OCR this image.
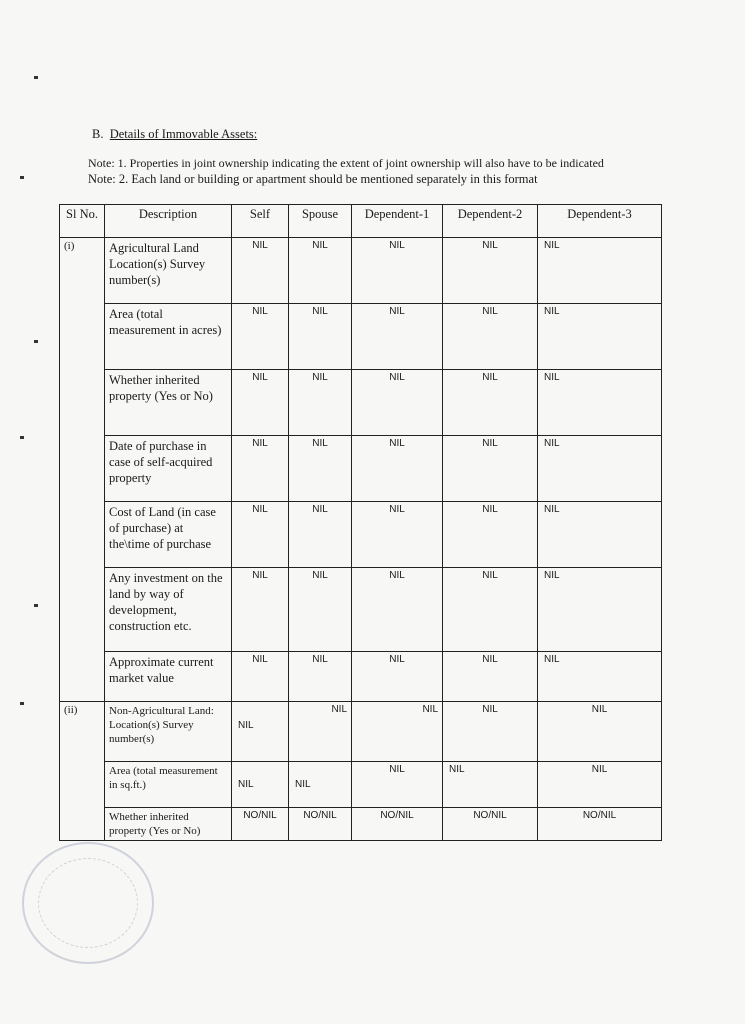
B. Details of Immovable Assets:
Note: 1. Properties in joint ownership indicating the extent of joint ownership will also have to be indicated
Note: 2. Each land or building or apartment should be mentioned separately in this format
Sl No.	Description	Self	Spouse	Dependent-1	Dependent-2	Dependent-3
(i)	Agricultural Land Location(s) Survey number(s)	NIL	NIL	NIL	NIL	NIL
	Area (total measurement in acres)	NIL	NIL	NIL	NIL	NIL
	Whether inherited property (Yes or No)	NIL	NIL	NIL	NIL	NIL
	Date of purchase in case of self-acquired property	NIL	NIL	NIL	NIL	NIL
	Cost of Land (in case of purchase) at the\time of purchase	NIL	NIL	NIL	NIL	NIL
	Any investment on the land by way of development, construction etc.	NIL	NIL	NIL	NIL	NIL
	Approximate current market value	NIL	NIL	NIL	NIL	NIL
(ii)	Non-Agricultural Land: Location(s) Survey number(s)	NIL	NIL	NIL	NIL	NIL
	Area (total measurement in sq.ft.)	NIL	NIL	NIL	NIL	NIL
	Whether inherited property (Yes or No)	NO/NIL	NO/NIL	NO/NIL	NO/NIL	NO/NIL
